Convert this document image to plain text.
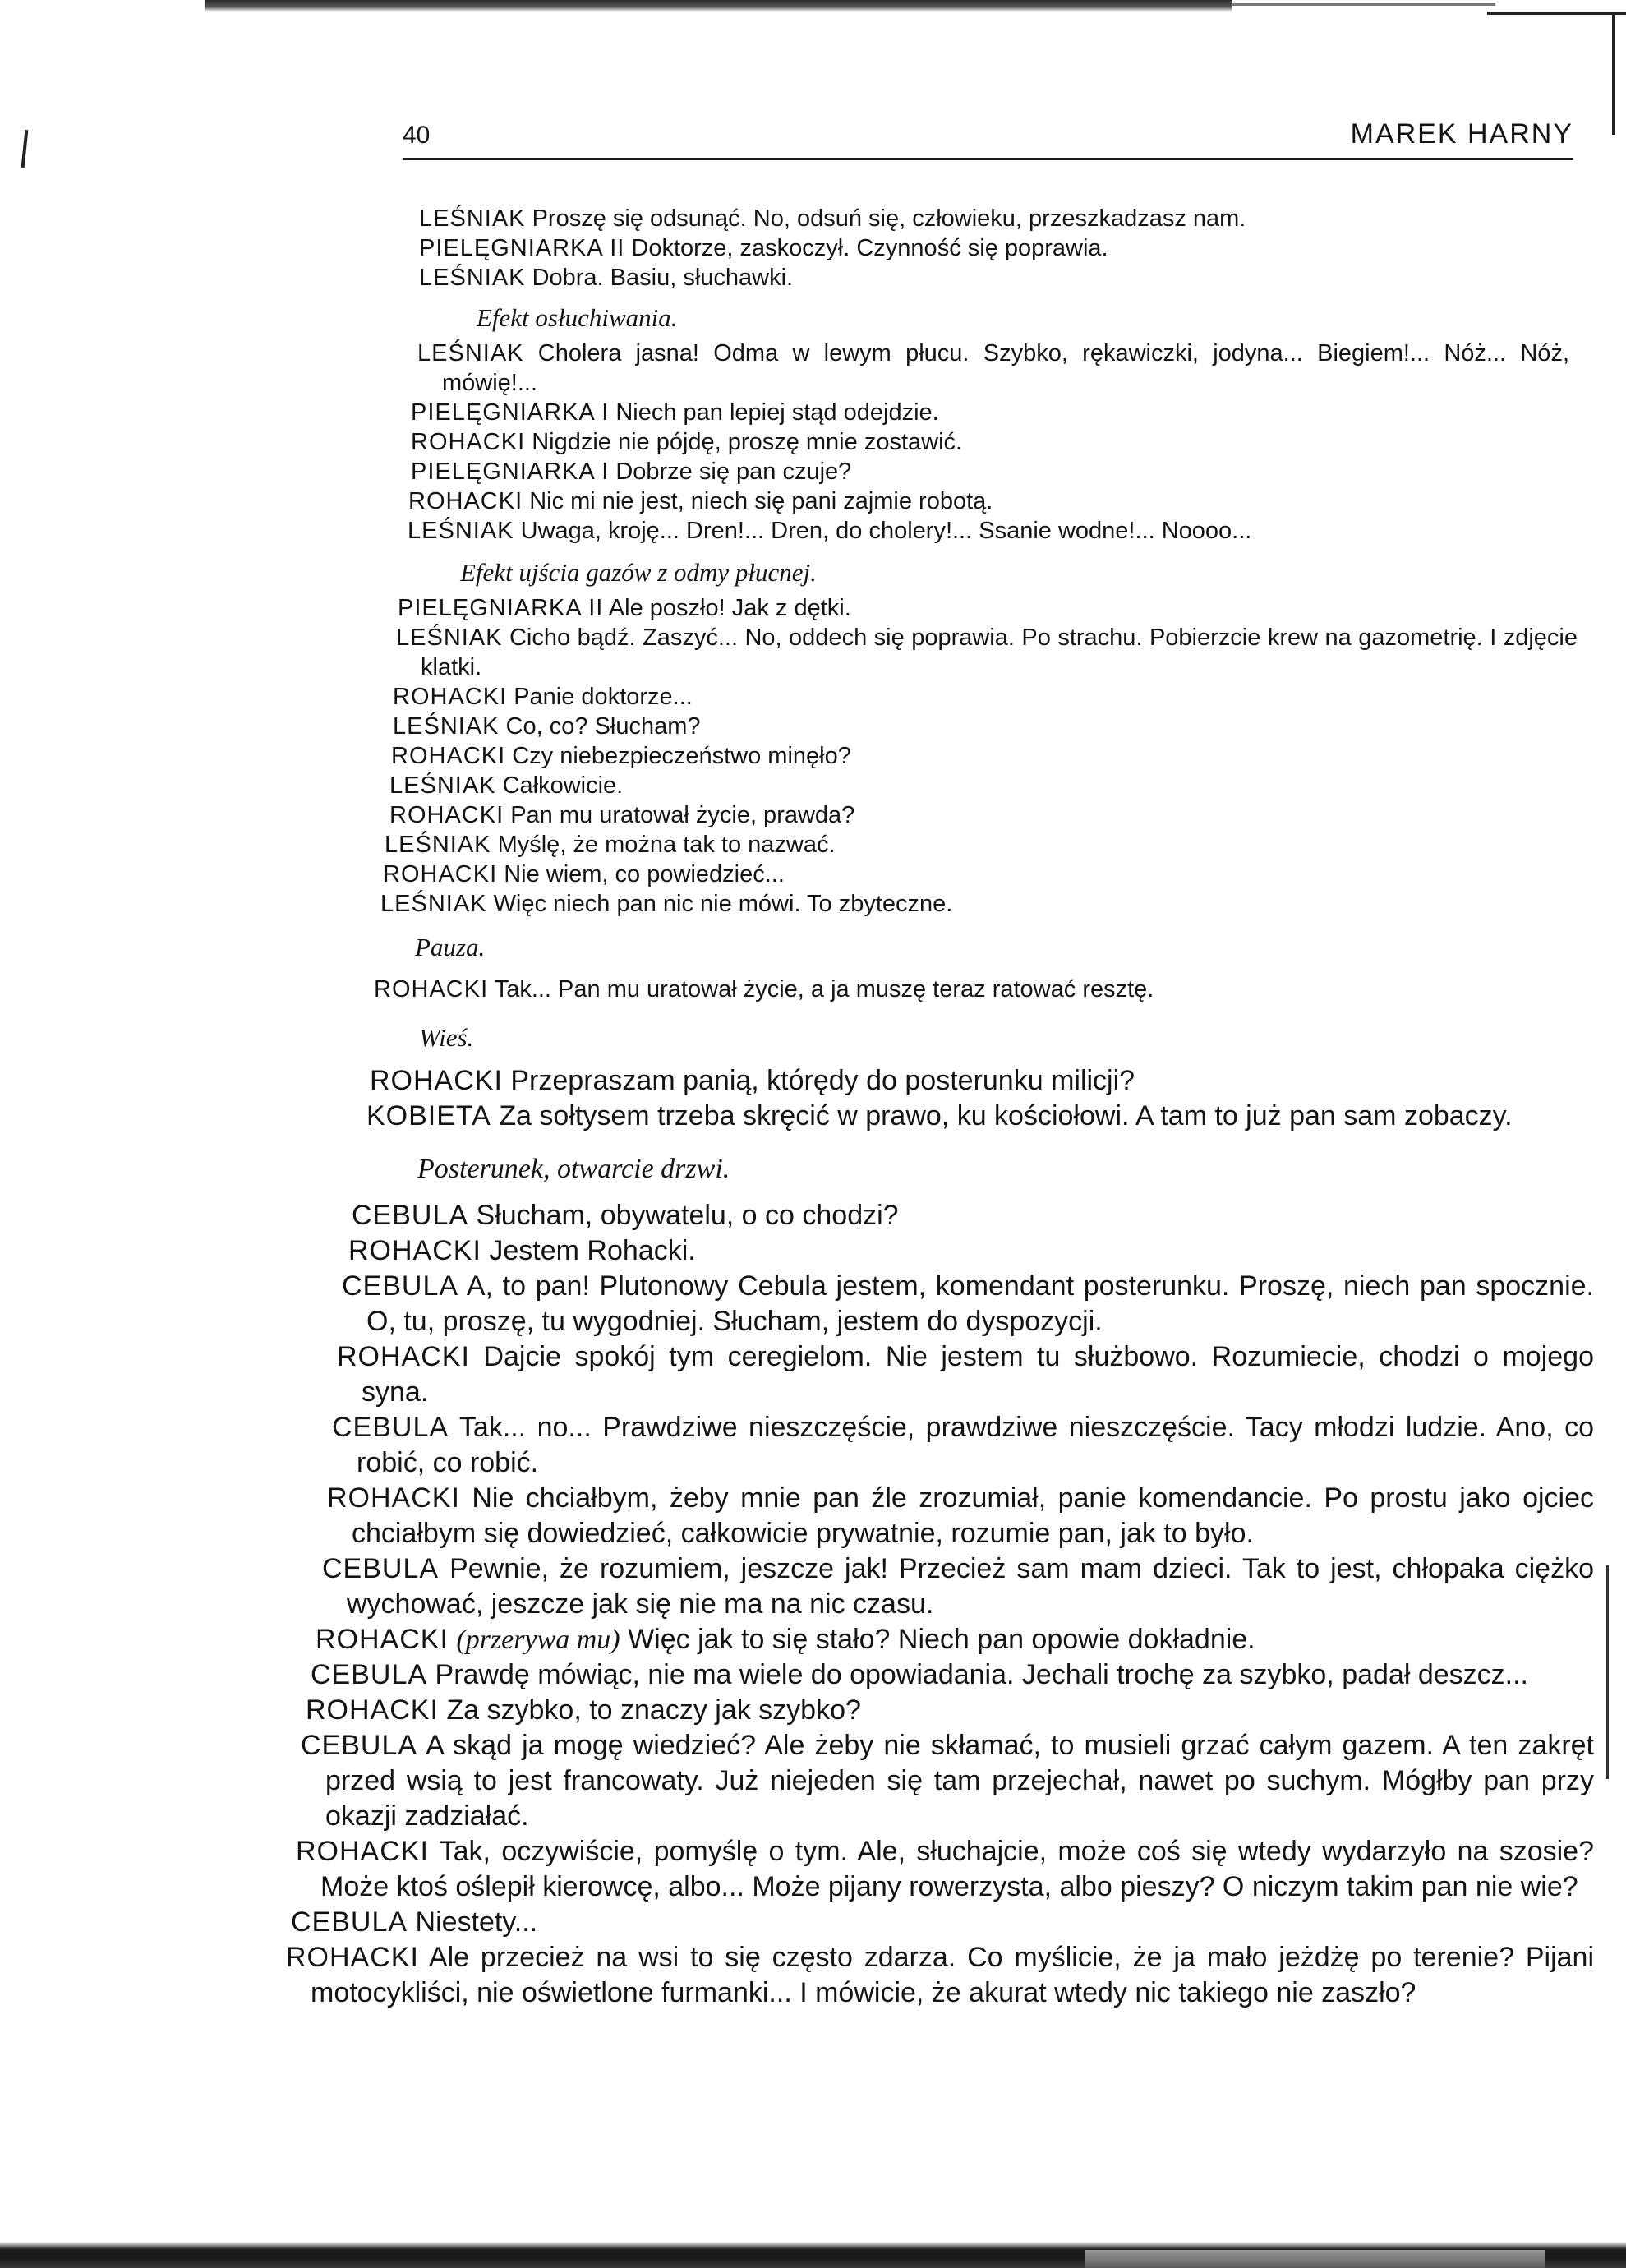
40	MAREK HARNY

LEŚNIAK Proszę się odsunąć. No, odsuń się, człowieku, przeszkadzasz nam.

PIELĘGNIARKA II Doktorze, zaskoczył. Czynność się poprawia.

LEŚNIAK Dobra. Basiu, słuchawki.

Efekt osłuchiwania.

LEŚNIAK Cholera jasna! Odma w lewym płucu. Szybko, rękawiczki, jodyna... Biegiem!... Nóż... Nóż, mówię!...

PIELĘGNIARKA I Niech pan lepiej stąd odejdzie.

ROHACKI Nigdzie nie pójdę, proszę mnie zostawić.

PIELĘGNIARKA I Dobrze się pan czuje?

ROHACKI Nic mi nie jest, niech się pani zajmie robotą.

LEŚNIAK Uwaga, kroję... Dren!... Dren, do cholery!... Ssanie wodne!... Noooo...

Efekt ujścia gazów z odmy płucnej.

PIELĘGNIARKA II Ale poszło! Jak z dętki.

LEŚNIAK Cicho bądź. Zaszyć... No, oddech się poprawia. Po strachu. Pobierzcie krew na gazometrię. I zdjęcie klatki.

ROHACKI Panie doktorze...

LEŚNIAK Co, co? Słucham?

ROHACKI Czy niebezpieczeństwo minęło?

LEŚNIAK Całkowicie.

ROHACKI Pan mu uratował życie, prawda?

LEŚNIAK Myślę, że można tak to nazwać.

ROHACKI Nie wiem, co powiedzieć...

LEŚNIAK Więc niech pan nic nie mówi. To zbyteczne.

Pauza.

ROHACKI Tak... Pan mu uratował życie, a ja muszę teraz ratować resztę.

Wieś.

ROHACKI Przepraszam panią, którędy do posterunku milicji?

KOBIETA Za sołtysem trzeba skręcić w prawo, ku kościołowi. A tam to już pan sam zobaczy.

Posterunek, otwarcie drzwi.

CEBULA Słucham, obywatelu, o co chodzi?

ROHACKI Jestem Rohacki.

CEBULA A, to pan! Plutonowy Cebula jestem, komendant posterunku. Proszę, niech pan spocznie. O, tu, proszę, tu wygodniej. Słucham, jestem do dyspozycji.

ROHACKI Dajcie spokój tym ceregielom. Nie jestem tu służbowo. Rozumiecie, chodzi o mojego syna.

CEBULA Tak... no... Prawdziwe nieszczęście, prawdziwe nieszczęście. Tacy młodzi ludzie. Ano, co robić, co robić.

ROHACKI Nie chciałbym, żeby mnie pan źle zrozumiał, panie komendancie. Po prostu jako ojciec chciałbym się dowiedzieć, całkowicie prywatnie, rozumie pan, jak to było.

CEBULA Pewnie, że rozumiem, jeszcze jak! Przecież sam mam dzieci. Tak to jest, chłopaka ciężko wychować, jeszcze jak się nie ma na nic czasu.

ROHACKI (przerywa mu) Więc jak to się stało? Niech pan opowie dokładnie.

CEBULA Prawdę mówiąc, nie ma wiele do opowiadania. Jechali trochę za szybko, padał deszcz...

ROHACKI Za szybko, to znaczy jak szybko?

CEBULA A skąd ja mogę wiedzieć? Ale żeby nie skłamać, to musieli grzać całym gazem. A ten zakręt przed wsią to jest francowaty. Już niejeden się tam przejechał, nawet po suchym. Mógłby pan przy okazji zadziałać.

ROHACKI Tak, oczywiście, pomyślę o tym. Ale, słuchajcie, może coś się wtedy wydarzyło na szosie? Może ktoś oślepił kierowcę, albo... Może pijany rowerzysta, albo pieszy? O niczym takim pan nie wie?

CEBULA Niestety...

ROHACKI Ale przecież na wsi to się często zdarza. Co myślicie, że ja mało jeżdżę po terenie? Pijani motocykliści, nie oświetlone furmanki... I mówicie, że akurat wtedy nic takiego nie zaszło?
